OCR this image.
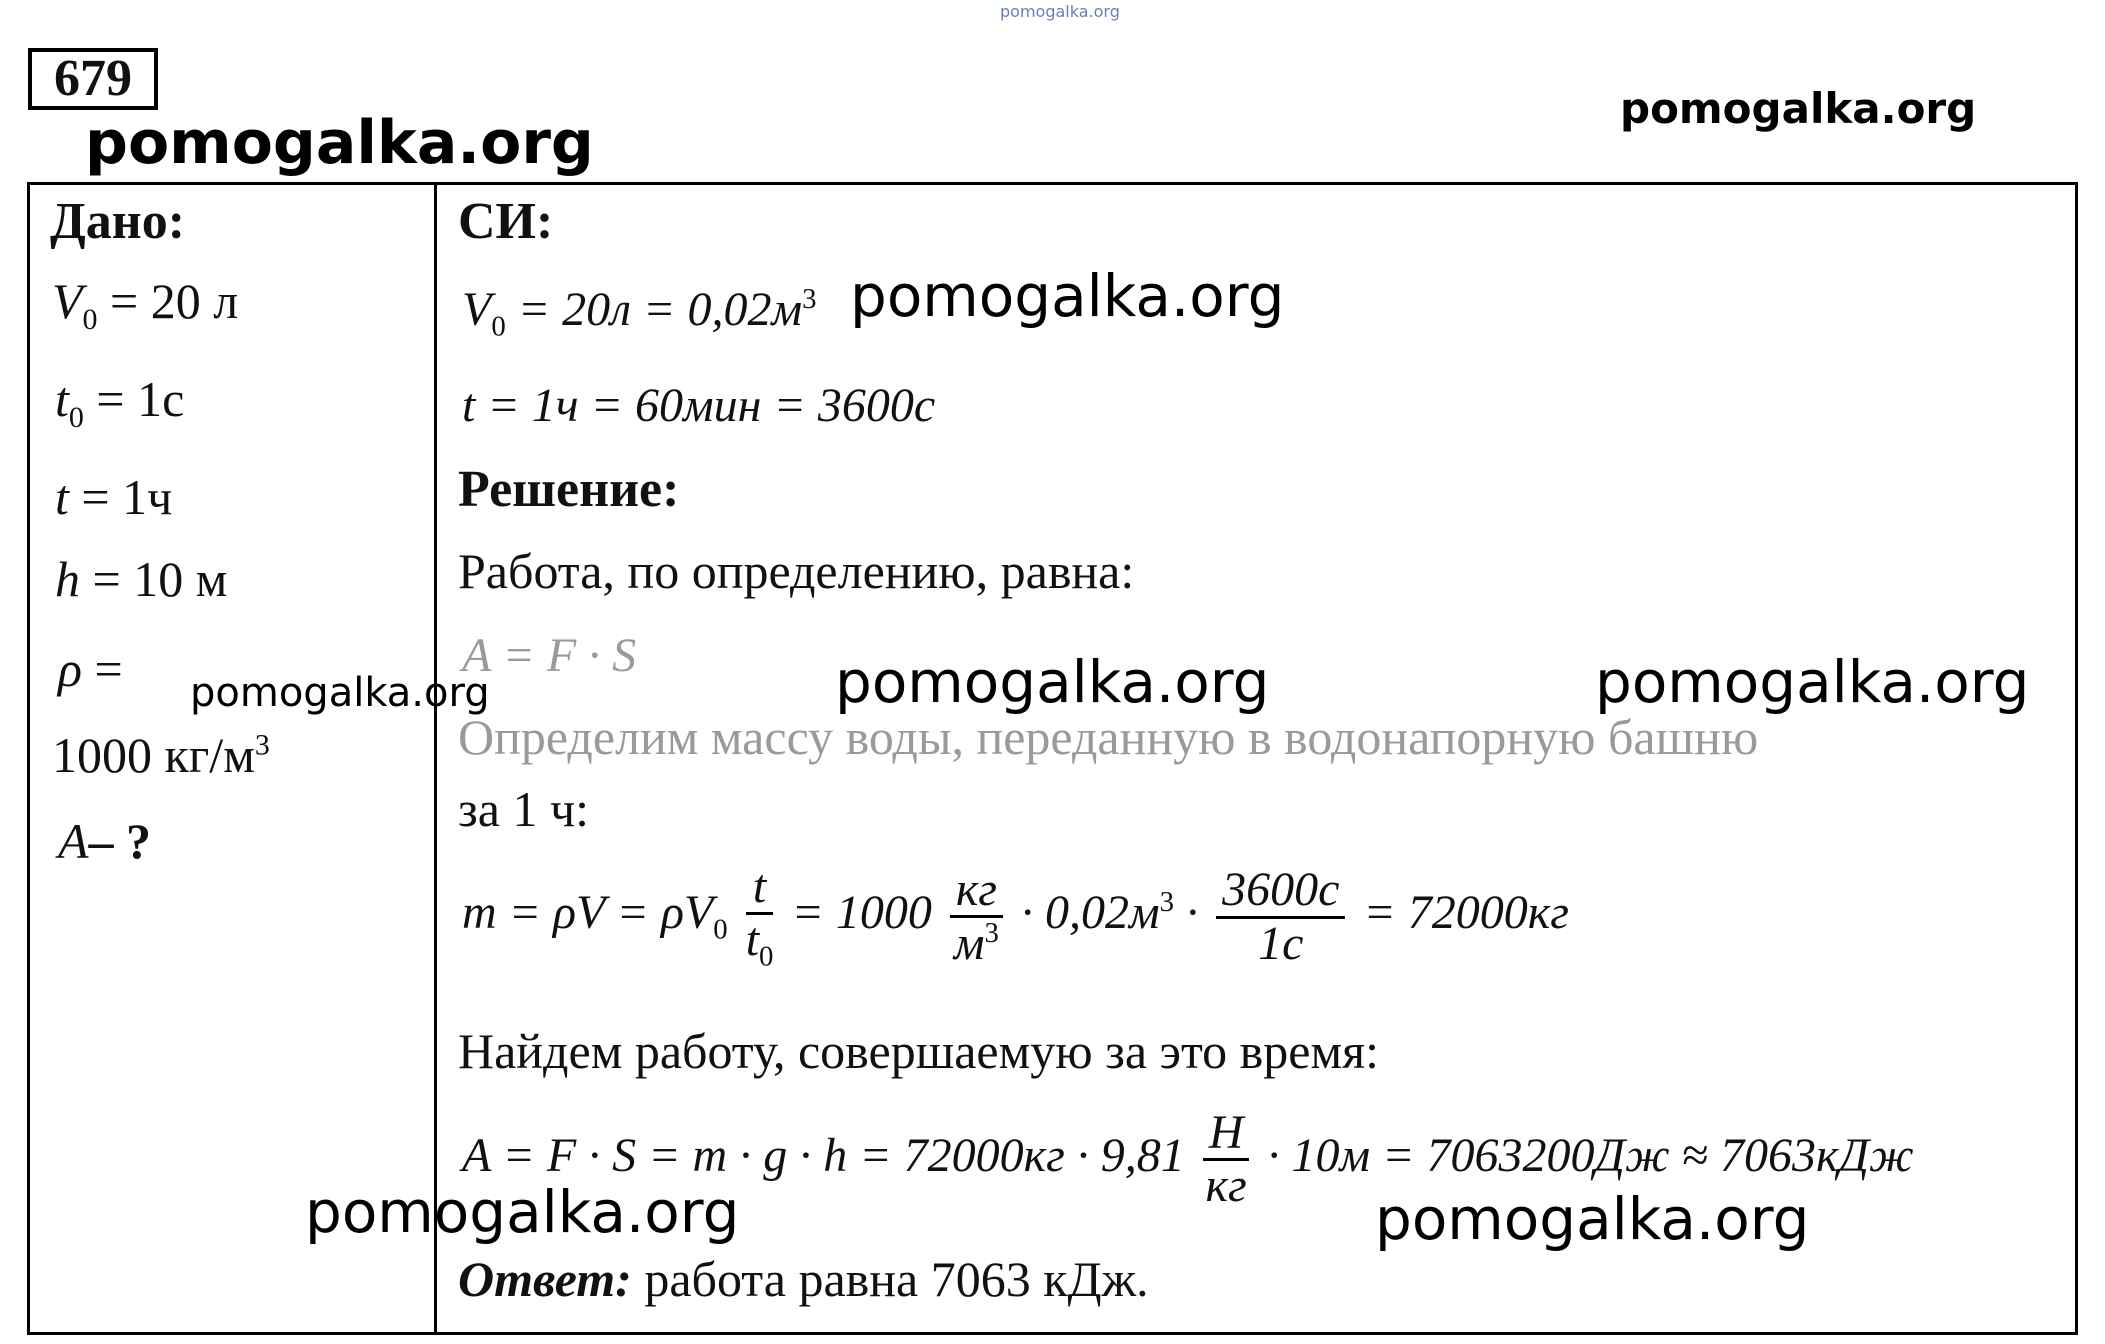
pomogalka.org
679
pomogalka.org	pomogalka.org
Дано:
$V_0 = 20$ л
$t_0 = 1с$
t = 1ч
h = 10 м
ρ = pomogalka.org
1000 $кг/м^3$
A– ?
СИ:
$V_0 = 20л = 0,02м^3$ pomogalka.org
t = 1ч = 60мин = 3600с
Решение:
Работа, по определению, равна:
A = F · S	pomogalka.org	pomogalka.org
Определим массу воды, переданную в водонапорную башню
за 1 ч:
$m = \rho V = \rho V_0 \frac{t}{t_0} = 1000 \frac{кг}{м^3} \cdot 0,02м^3 \cdot \frac{3600с}{1с} = 72000кг$
Найдем работу, совершаемую за это время:
$A = F \cdot S = m \cdot g \cdot h = 72000кг \cdot 9,81 \frac{Н}{кг} \cdot 10м = 7063200Дж \approx 7063кДж$
pomogalka.org	pomogalka.org
Ответ: работа равна 7063 кДж.
